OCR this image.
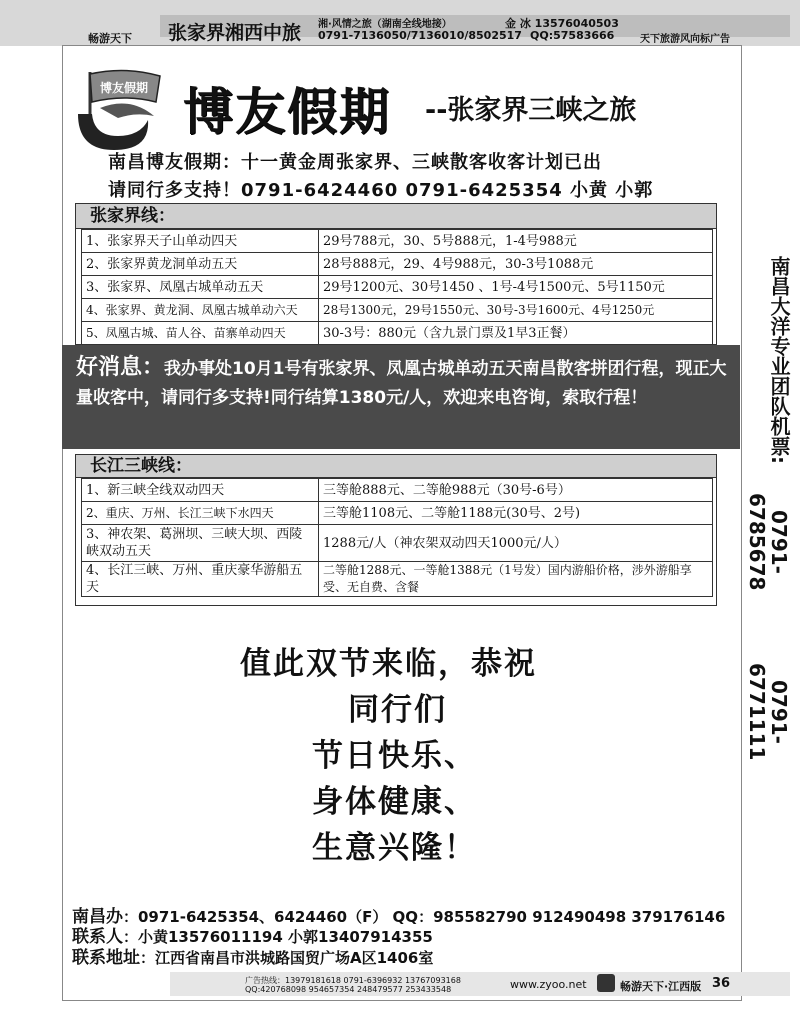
畅游天下 张家界湘西中旅 湘·风情之旅（湖南全线地接）
0791-7136050/7136010/8502517
金 冰 13576040503
QQ:57583666	天下旅游风向标广告
博友假期 博友假期 --张家界三峡之旅
南昌博友假期：十一黄金周张家界、三峡散客收客计划已出
请同行多支持！0791-6424460 0791-6425354 小黄 小郭
张家界线：
1、张家界天子山单动四天	29号788元，30、5号888元，1-4号988元
2、张家界黄龙洞单动五天	28号888元，29、4号988元，30-3号1088元
3、张家界、凤凰古城单动五天	29号1200元、30号1450 、1号-4号1500元、5号1150元
4、张家界、黄龙洞、凤凰古城单动六天	28号1300元，29号1550元、30号-3号1600元、4号1250元
5、凤凰古城、苗人谷、苗寨单动四天	30-3号：880元（含九景门票及1早3正餐）
好消息：我办事处10月1号有张家界、凤凰古城单动五天南昌散客拼团行程，现正大量收客中，请同行多支持!同行结算1380元/人，欢迎来电咨询，索取行程！
长江三峡线：
1、新三峡全线双动四天	三等舱888元、二等舱988元（30号-6号）
2、重庆、万州、长江三峡下水四天	三等舱1108元、二等舱1188元(30号、2号)
3、神农架、葛洲坝、三峡大坝、西陵峡双动五天	1288元/人（神农架双动四天1000元/人）
4、长江三峡、万州、重庆豪华游船五天	二等舱1288元、一等舱1388元（1号发）国内游船价格，涉外游船享受、无自费、含餐
值此双节来临，恭祝
同行们
节日快乐、
身体健康、
生意兴隆！
南昌大洋专业团队机票:
0791-6785678
0791-6771111
南昌办：0971-6425354、6424460（F） QQ：985582790 912490498 379176146
联系人：小黄13576011194 小郭13407914355
联系地址：江西省南昌市洪城路国贸广场A区1406室
广告热线：13979181618 0791-6396932 13767093168
QQ:420768098 954657354 248479577 253433548	www.zyoo.net	畅游天下·江西版 36
